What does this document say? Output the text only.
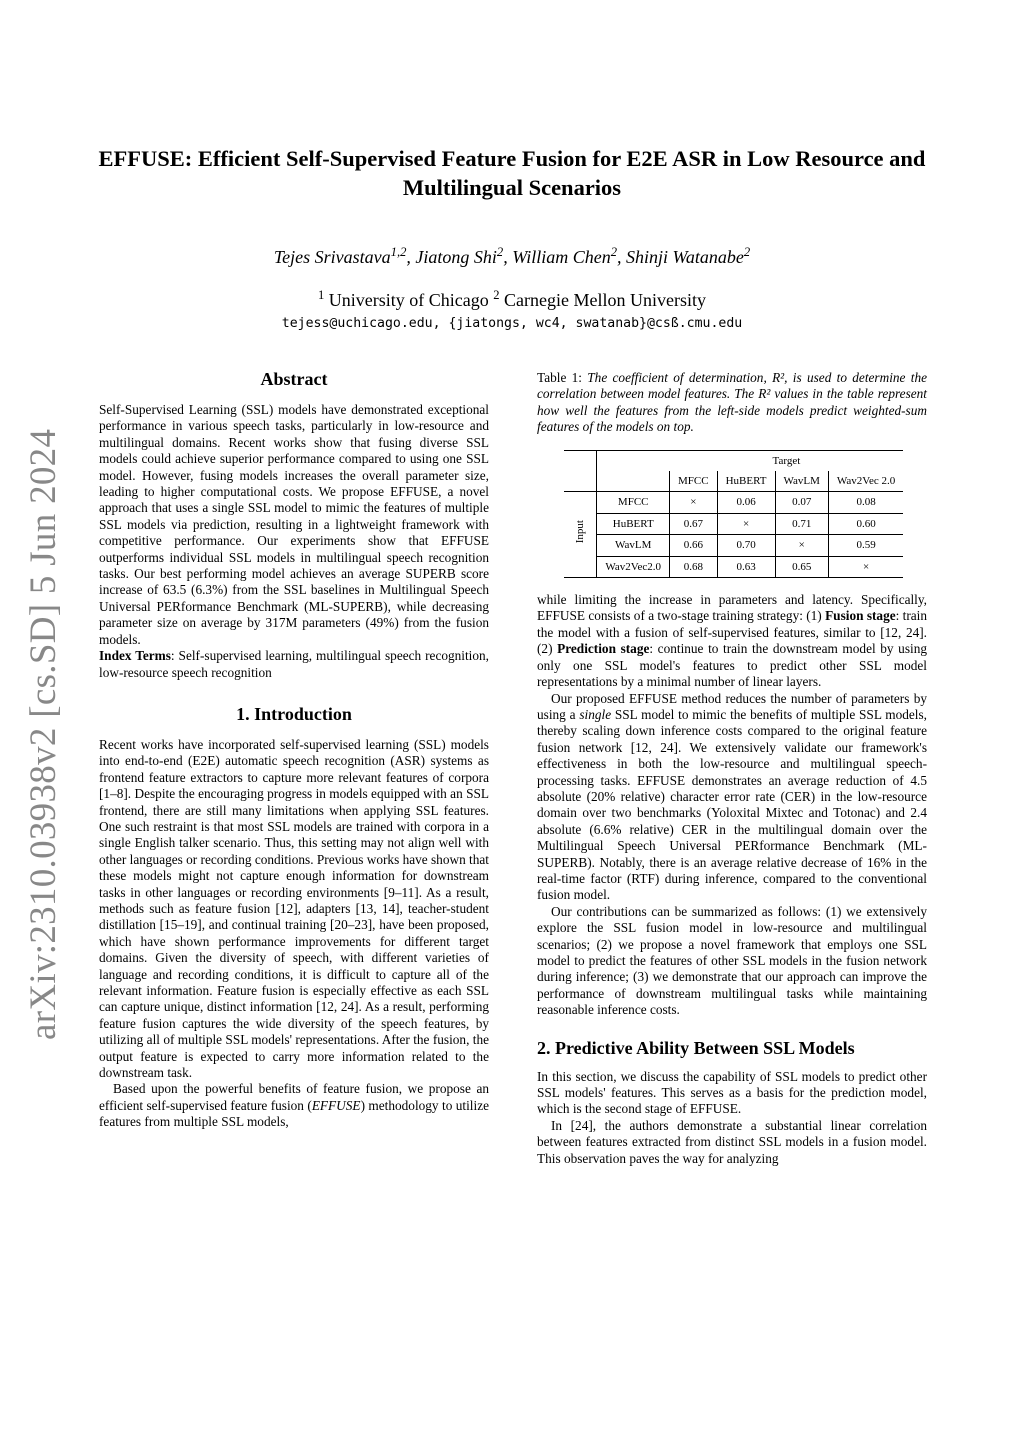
arXiv:2310.03938v2 [cs.SD] 5 Jun 2024
EFFUSE: Efficient Self-Supervised Feature Fusion for E2E ASR in Low Resource and Multilingual Scenarios
Tejes Srivastava$^{1,2}$, Jiatong Shi$^2$, William Chen$^2$, Shinji Watanabe$^2$
$^1$ University of Chicago $^2$ Carnegie Mellon University
tejess@uchicago.edu, {jiatongs, wc4, swatanab}@csß.cmu.edu
Abstract

Self-Supervised Learning (SSL) models have demonstrated exceptional performance in various speech tasks, particularly in low-resource and multilingual domains. Recent works show that fusing diverse SSL models could achieve superior performance compared to using one SSL model. However, fusing models increases the overall parameter size, leading to higher computational costs. We propose EFFUSE, a novel approach that uses a single SSL model to mimic the features of multiple SSL models via prediction, resulting in a lightweight framework with competitive performance. Our experiments show that EFFUSE outperforms individual SSL models in multilingual speech recognition tasks. Our best performing model achieves an average SUPERB score increase of 63.5 (6.3%) from the SSL baselines in Multilingual Speech Universal PERformance Benchmark (ML-SUPERB), while decreasing parameter size on average by 317M parameters (49%) from the fusion models.

Index Terms: Self-supervised learning, multilingual speech recognition, low-resource speech recognition

1. Introduction

Recent works have incorporated self-supervised learning (SSL) models into end-to-end (E2E) automatic speech recognition (ASR) systems as frontend feature extractors to capture more relevant features of corpora [1–8]. Despite the encouraging progress in models equipped with an SSL frontend, there are still many limitations when applying SSL features. One such restraint is that most SSL models are trained with corpora in a single English talker scenario. Thus, this setting may not align well with other languages or recording conditions. Previous works have shown that these models might not capture enough information for downstream tasks in other languages or recording environments [9–11]. As a result, methods such as feature fusion [12], adapters [13, 14], teacher-student distillation [15–19], and continual training [20–23], have been proposed, which have shown performance improvements for different target domains. Given the diversity of speech, with different varieties of language and recording conditions, it is difficult to capture all of the relevant information. Feature fusion is especially effective as each SSL can capture unique, distinct information [12, 24]. As a result, performing feature fusion captures the wide diversity of the speech features, by utilizing all of multiple SSL models' representations. After the fusion, the output feature is expected to carry more information related to the downstream task.

Based upon the powerful benefits of feature fusion, we propose an efficient self-supervised feature fusion (EFFUSE) methodology to utilize features from multiple SSL models,

Table 1: The coefficient of determination, R², is used to determine the correlation between model features. The R² values in the table represent how well the features from the left-side models predict weighted-sum features of the models on top.
		Target			
		MFCC	HuBERT	WavLM	Wav2Vec 2.0
Input	MFCC	×	0.06	0.07	0.08
	HuBERT	0.67	×	0.71	0.60
	WavLM	0.66	0.70	×	0.59
	Wav2Vec2.0	0.68	0.63	0.65	×

while limiting the increase in parameters and latency. Specifically, EFFUSE consists of a two-stage training strategy: (1) Fusion stage: train the model with a fusion of self-supervised features, similar to [12, 24]. (2) Prediction stage: continue to train the downstream model by using only one SSL model's features to predict other SSL model representations by a minimal number of linear layers.

Our proposed EFFUSE method reduces the number of parameters by using a single SSL model to mimic the benefits of multiple SSL models, thereby scaling down inference costs compared to the original feature fusion network [12, 24]. We extensively validate our framework's effectiveness in both the low-resource and multilingual speech-processing tasks. EFFUSE demonstrates an average reduction of 4.5 absolute (20% relative) character error rate (CER) in the low-resource domain over two benchmarks (Yoloxital Mixtec and Totonac) and 2.4 absolute (6.6% relative) CER in the multilingual domain over the Multilingual Speech Universal PERformance Benchmark (ML-SUPERB). Notably, there is an average relative decrease of 16% in the real-time factor (RTF) during inference, compared to the conventional fusion model.

Our contributions can be summarized as follows: (1) we extensively explore the SSL fusion model in low-resource and multilingual scenarios; (2) we propose a novel framework that employs one SSL model to predict the features of other SSL models in the fusion network during inference; (3) we demonstrate that our approach can improve the performance of downstream multilingual tasks while maintaining reasonable inference costs.

2. Predictive Ability Between SSL Models

In this section, we discuss the capability of SSL models to predict other SSL models' features. This serves as a basis for the prediction model, which is the second stage of EFFUSE.

In [24], the authors demonstrate a substantial linear correlation between features extracted from distinct SSL models in a fusion model. This observation paves the way for analyzing
